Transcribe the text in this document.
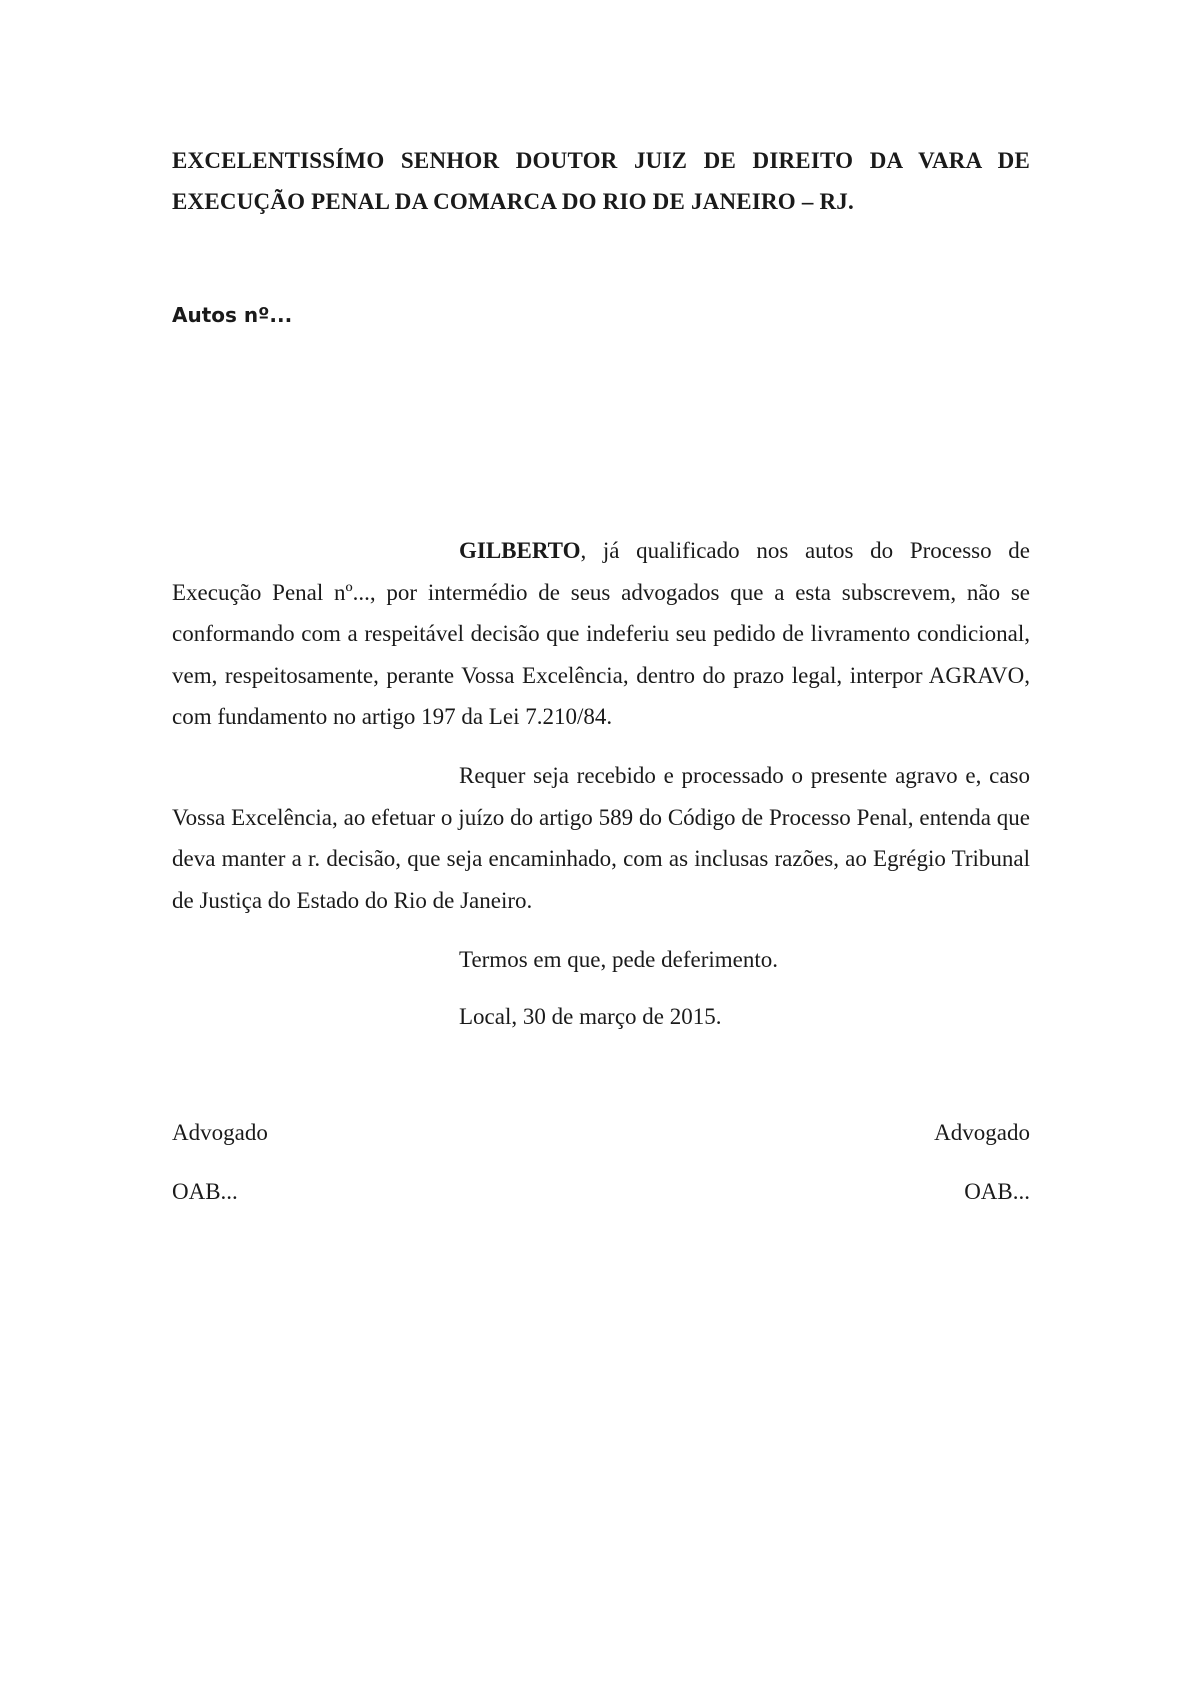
EXCELENTISSÍMO SENHOR DOUTOR JUIZ DE DIREITO DA VARA DE EXECUÇÃO PENAL DA COMARCA DO RIO DE JANEIRO – RJ.
Autos nº...
GILBERTO, já qualificado nos autos do Processo de Execução Penal nº..., por intermédio de seus advogados que a esta subscrevem, não se conformando com a respeitável decisão que indeferiu seu pedido de livramento condicional, vem, respeitosamente, perante Vossa Excelência, dentro do prazo legal, interpor AGRAVO, com fundamento no artigo 197 da Lei 7.210/84.
Requer seja recebido e processado o presente agravo e, caso Vossa Excelência, ao efetuar o juízo do artigo 589 do Código de Processo Penal, entenda que deva manter a r. decisão, que seja encaminhado, com as inclusas razões, ao Egrégio Tribunal de Justiça do Estado do Rio de Janeiro.
Termos em que, pede deferimento.
Local, 30 de março de 2015.
Advogado
OAB...
Advogado
OAB...
